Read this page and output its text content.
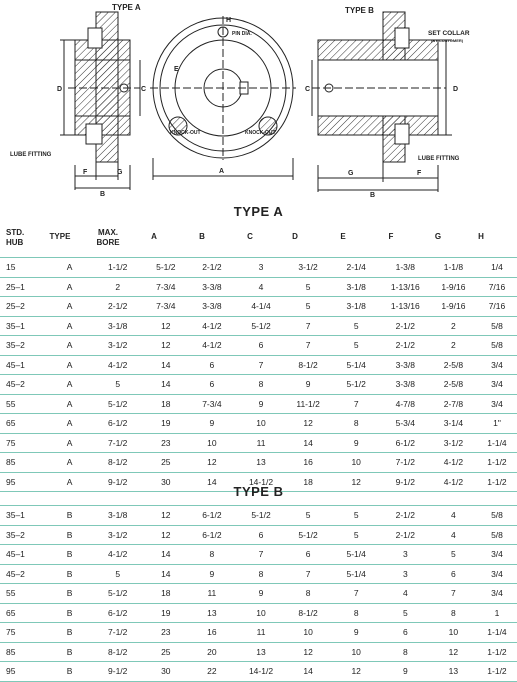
TYPE A
D	C
LUBE FITTING
F	G
B
H
PIN DIA.
E
KNOCK-OUT	KNOCK-OUT
A
TYPE B
SET COLLAR
(BY CUSTOMER)
C	D
LUBE FITTING
G	F
B
TYPE A
STD.
HUB
TYPE	MAX.
BORE
A	B	C	D	E	F	G	H
15	A	1-1/2	5-1/2	2-1/2	3	3-1/2	2-1/4	1-3/8	1-1/8	1/4
25–1	A	2	7-3/4	3-3/8	4	5	3-1/8	1-13/16	1-9/16	7/16
25–2	A	2-1/2	7-3/4	3-3/8	4-1/4	5	3-1/8	1-13/16	1-9/16	7/16
35–1	A	3-1/8	12	4-1/2	5-1/2	7	5	2-1/2	2	5/8
35–2	A	3-1/2	12	4-1/2	6	7	5	2-1/2	2	5/8
45–1	A	4-1/2	14	6	7	8-1/2	5-1/4	3-3/8	2-5/8	3/4
45–2	A	5	14	6	8	9	5-1/2	3-3/8	2-5/8	3/4
55	A	5-1/2	18	7-3/4	9	11-1/2	7	4-7/8	2-7/8	3/4
65	A	6-1/2	19	9	10	12	8	5-3/4	3-1/4	1"
75	A	7-1/2	23	10	11	14	9	6-1/2	3-1/2	1-1/4
85	A	8-1/2	25	12	13	16	10	7-1/2	4-1/2	1-1/2
95	A	9-1/2	30	14	14-1/2	18	12	9-1/2	4-1/2	1-1/2
TYPE B
35–1	B	3-1/8	12	6-1/2	5-1/2	5	5	2-1/2	4	5/8
35–2	B	3-1/2	12	6-1/2	6	5-1/2	5	2-1/2	4	5/8
45–1	B	4-1/2	14	8	7	6	5-1/4	3	5	3/4
45–2	B	5	14	9	8	7	5-1/4	3	6	3/4
55	B	5-1/2	18	11	9	8	7	4	7	3/4
65	B	6-1/2	19	13	10	8-1/2	8	5	8	1
75	B	7-1/2	23	16	11	10	9	6	10	1-1/4
85	B	8-1/2	25	20	13	12	10	8	12	1-1/2
95	B	9-1/2	30	22	14-1/2	14	12	9	13	1-1/2
